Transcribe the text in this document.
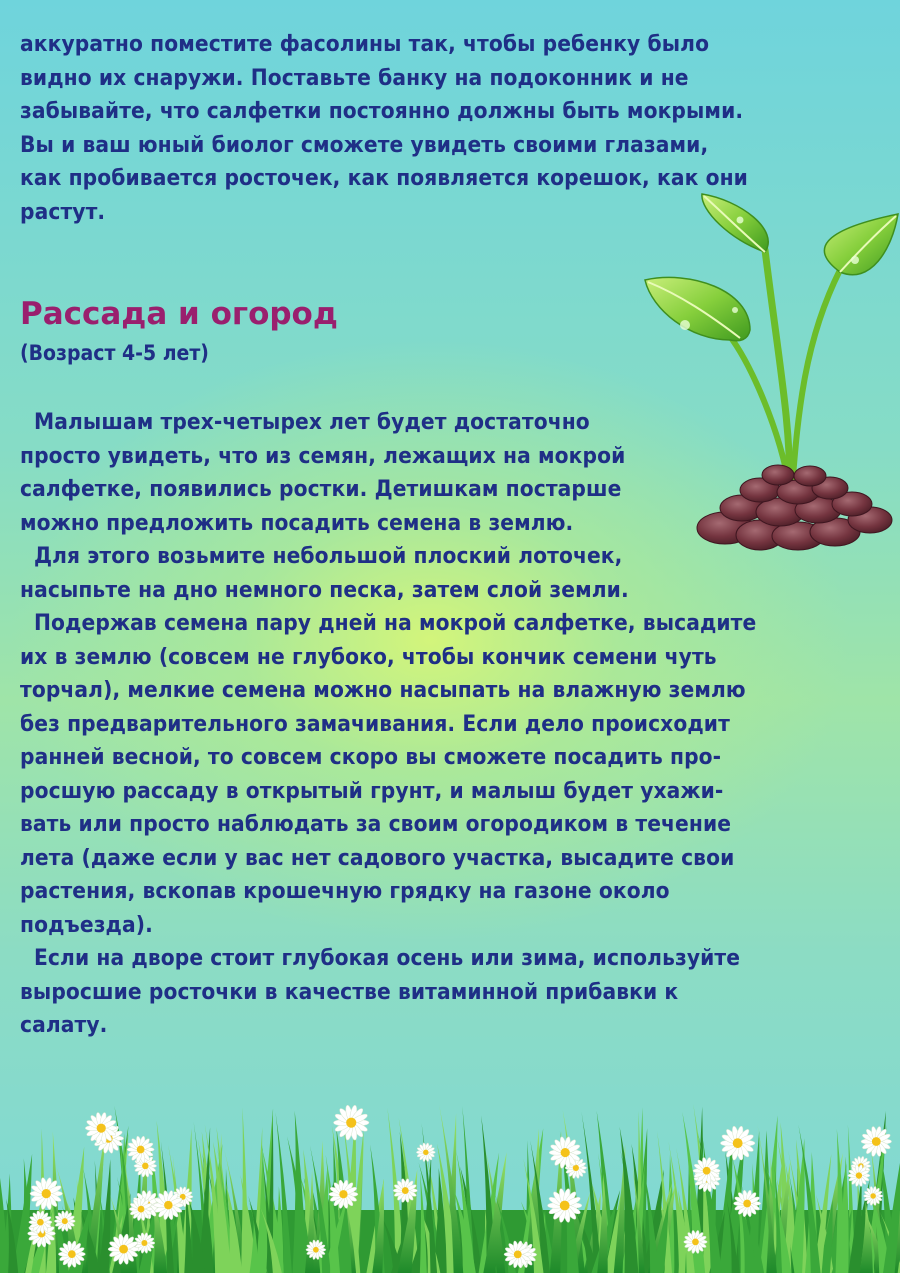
аккуратно поместите фасолины так, чтобы ребенку было

видно их снаружи. Поставьте банку на подоконник и не

забывайте, что салфетки постоянно должны быть мокрыми.

Вы и ваш юный биолог сможете увидеть своими глазами,

как пробивается росточек, как появляется корешок, как они

растут.

Рассада и огород

(Возраст 4-5 лет)

Малышам трех-четырех лет будет достаточно

просто увидеть, что из семян, лежащих на мокрой

салфетке, появились ростки. Детишкам постарше

можно предложить посадить семена в землю.

Для этого возьмите небольшой плоский лоточек,

насыпьте на дно немного песка, затем слой земли.

Подержав семена пару дней на мокрой салфетке, высадите

их в землю (совсем не глубоко, чтобы кончик семени чуть

торчал), мелкие семена можно насыпать на влажную землю

без предварительного замачивания. Если дело происходит

ранней весной, то совсем скоро вы сможете посадить про-

росшую рассаду в открытый грунт, и малыш будет ухажи-

вать или просто наблюдать за своим огородиком в течение

лета (даже если у вас нет садового участка, высадите свои

растения, вскопав крошечную грядку на газоне около

подъезда).

Если на дворе стоит глубокая осень или зима, используйте

выросшие росточки в качестве витаминной прибавки к

салату.
